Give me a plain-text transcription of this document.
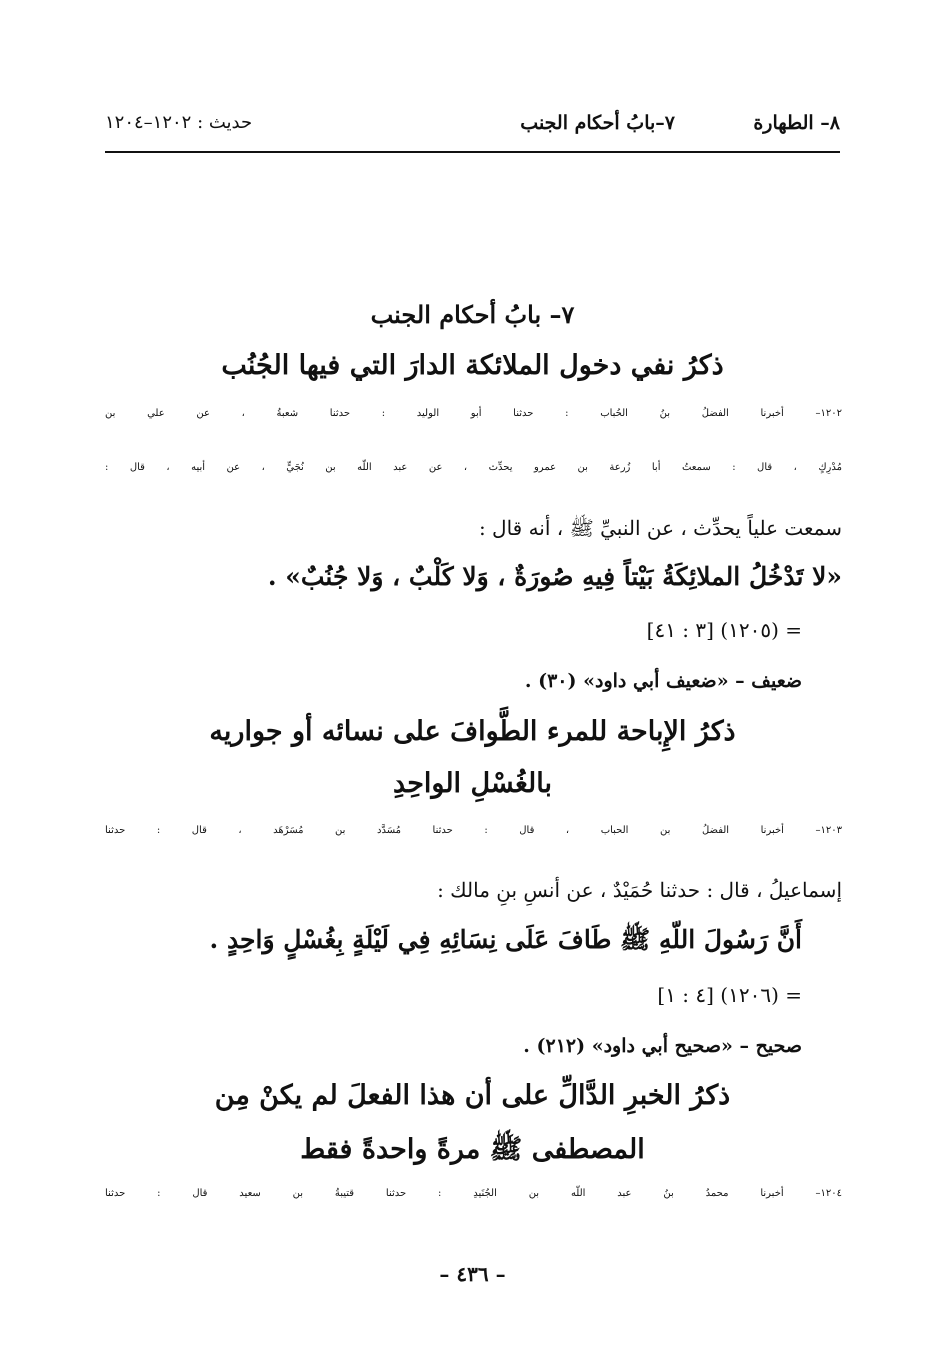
٨– الطهارة
٧–بابُ أحكام الجنب
حديث : ١٢٠٢–١٢٠٤
٧– بابُ أحكام الجنب
ذكرُ نفي دخول الملائكة الدارَ التي فيها الجُنُب
١٢٠٢– أخبرنا الفضلُ بنُ الحُباب : حدثنا أبو الوليد : حدثنا شعبةُ ، عن علي بن
مُدْرِكٍ ، قال : سمعتُ أبا زُرعة بن عمرو يحدِّث ، عن عبد اللّه بن نُجَيٍّ ، عن أبيه ، قال :
سمعت علياً يحدِّث ، عن النبيِّ ﷺ ، أنه قال :
«لا تَدْخُلُ الملائِكَةُ بَيْتاً فِيهِ صُورَةٌ ، وَلا كَلْبٌ ، وَلا جُنُبٌ» .
= (١٢٠٥) [٣ : ٤١]
ضعيف – «ضعيف أبي داود» (٣٠) .
ذكرُ الإِباحة للمرء الطَّوافَ على نسائه أو جواريه
بالغُسْلِ الواحِدِ
١٢٠٣– أخبرنا الفضلُ بن الحباب ، قال : حدثنا مُسَدَّد بن مُسَرْهَد ، قال : حدثنا
إسماعيلُ ، قال : حدثنا حُمَيْدٌ ، عن أنسِ بنِ مالك :
أَنَّ رَسُولَ اللّهِ ﷺ طَافَ عَلَى نِسَائِهِ فِي لَيْلَةٍ بِغُسْلٍ وَاحِدٍ .
= (١٢٠٦) [٤ : ١]
صحيح – «صحيح أبي داود» (٢١٢) .
ذكرُ الخبرِ الدَّالِّ على أن هذا الفعلَ لم يكنْ مِن
المصطفى ﷺ مرةً واحدةً فقط
١٢٠٤– أخبرنا محمدُ بنُ عبد اللّه بن الجُنَيدِ : حدثنا قتيبةُ بن سعيد قال : حدثنا
– ٤٣٦ –
